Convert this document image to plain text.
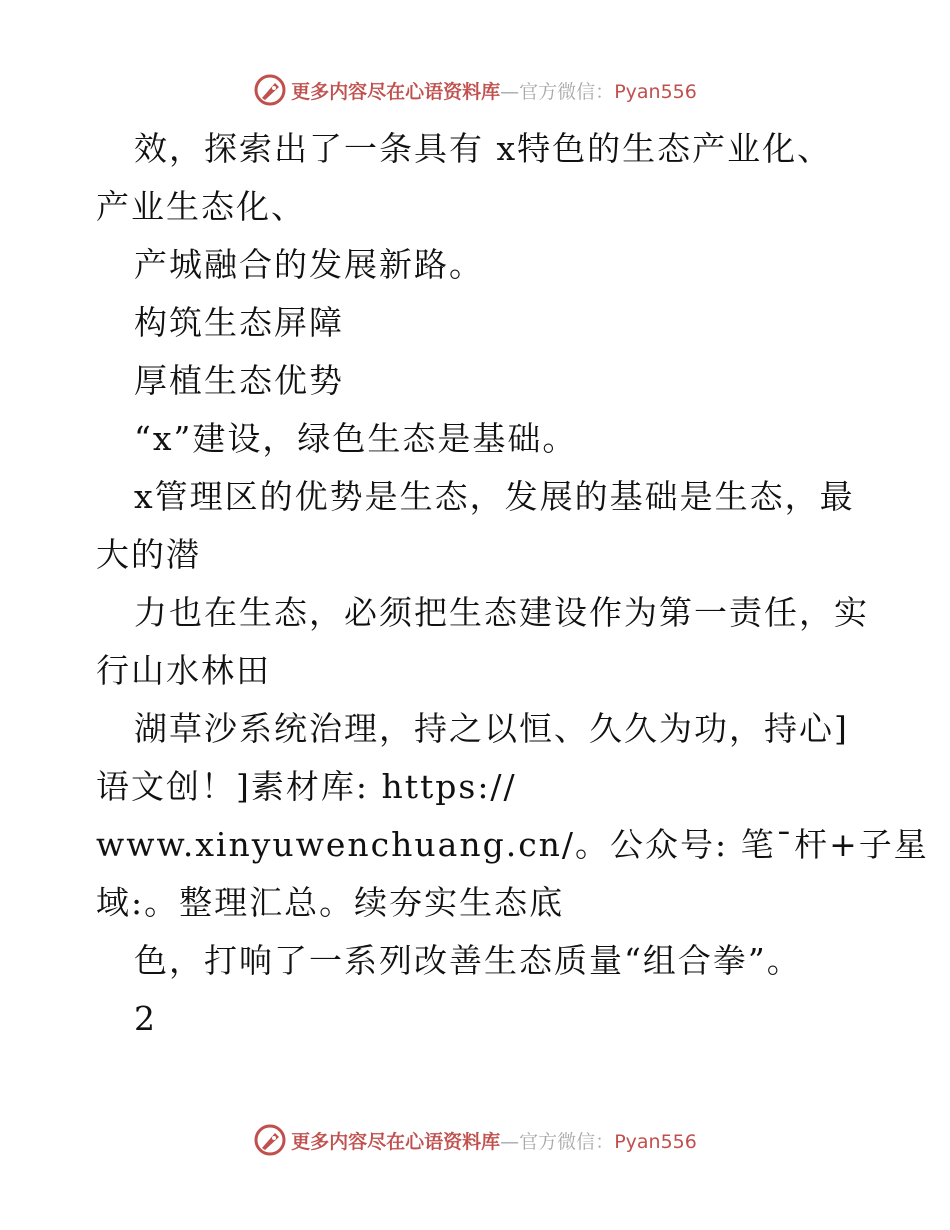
更多内容尽在心语资料库—官方微信：Pyan556
效，探索出了一条具有 x特色的生态产业化、
产业生态化、
产城融合的发展新路。
构筑生态屏障
厚植生态优势
“x”建设，绿色生态是基础。
x管理区的优势是生态，发展的基础是生态，最
大的潜
力也在生态，必须把生态建设作为第一责任，实
行山水林田
湖草沙系统治理，持之以恒、久久为功，持心]
语文创！]素材库: https://
www.xinyuwenchuang.cn/。公众号: 笔¯杆+子星
域:。整理汇总。续夯实生态底
色，打响了一系列改善生态质量“组合拳”。
2
更多内容尽在心语资料库—官方微信：Pyan556
